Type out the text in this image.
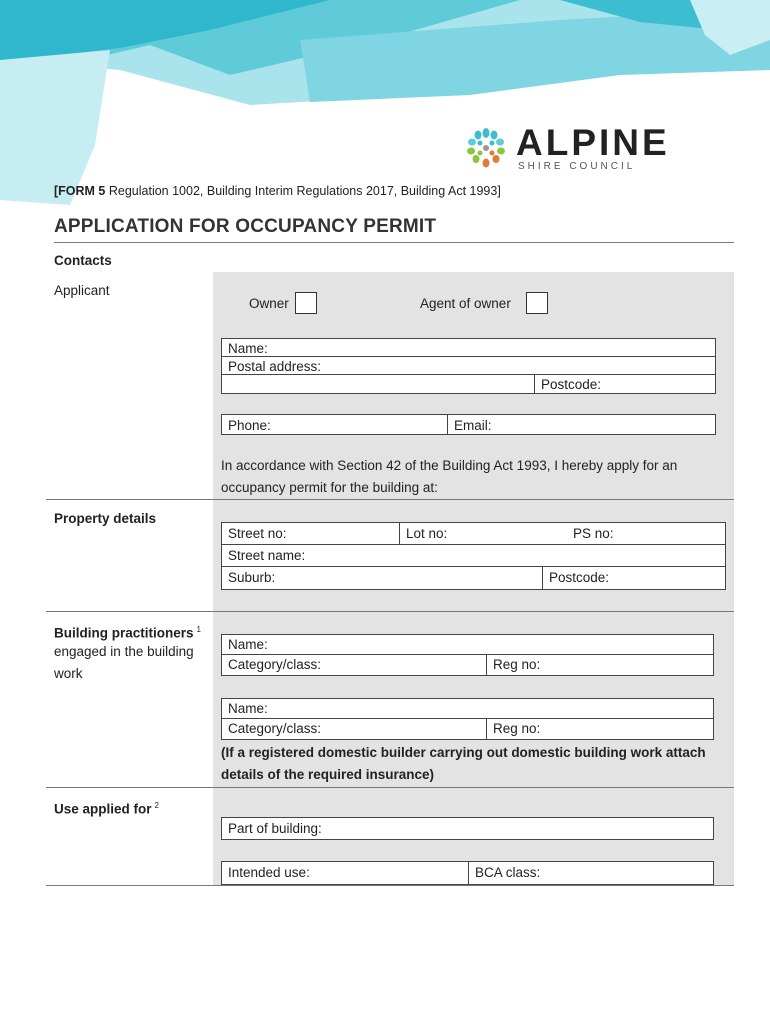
ALPINE
SHIRE COUNCIL
[FORM 5 Regulation 1002, Building Interim Regulations 2017, Building Act 1993]
APPLICATION FOR OCCUPANCY PERMIT
Contacts
Applicant
Owner	Agent of owner
Name:
Postal address:
Postcode:
Phone:	Email:
In accordance with Section 42 of the Building Act 1993, I hereby apply for an occupancy permit for the building at:
Property details
Street no:	Lot no:	PS no:
Street name:
Suburb:	Postcode:
Building practitioners $^1$
engaged in the building work
Name:
Category/class:	Reg no:
Name:
Category/class:	Reg no:
(If a registered domestic builder carrying out domestic building work attach details of the required insurance)
Use applied for $^2$
Part of building:
Intended use:	BCA class:
